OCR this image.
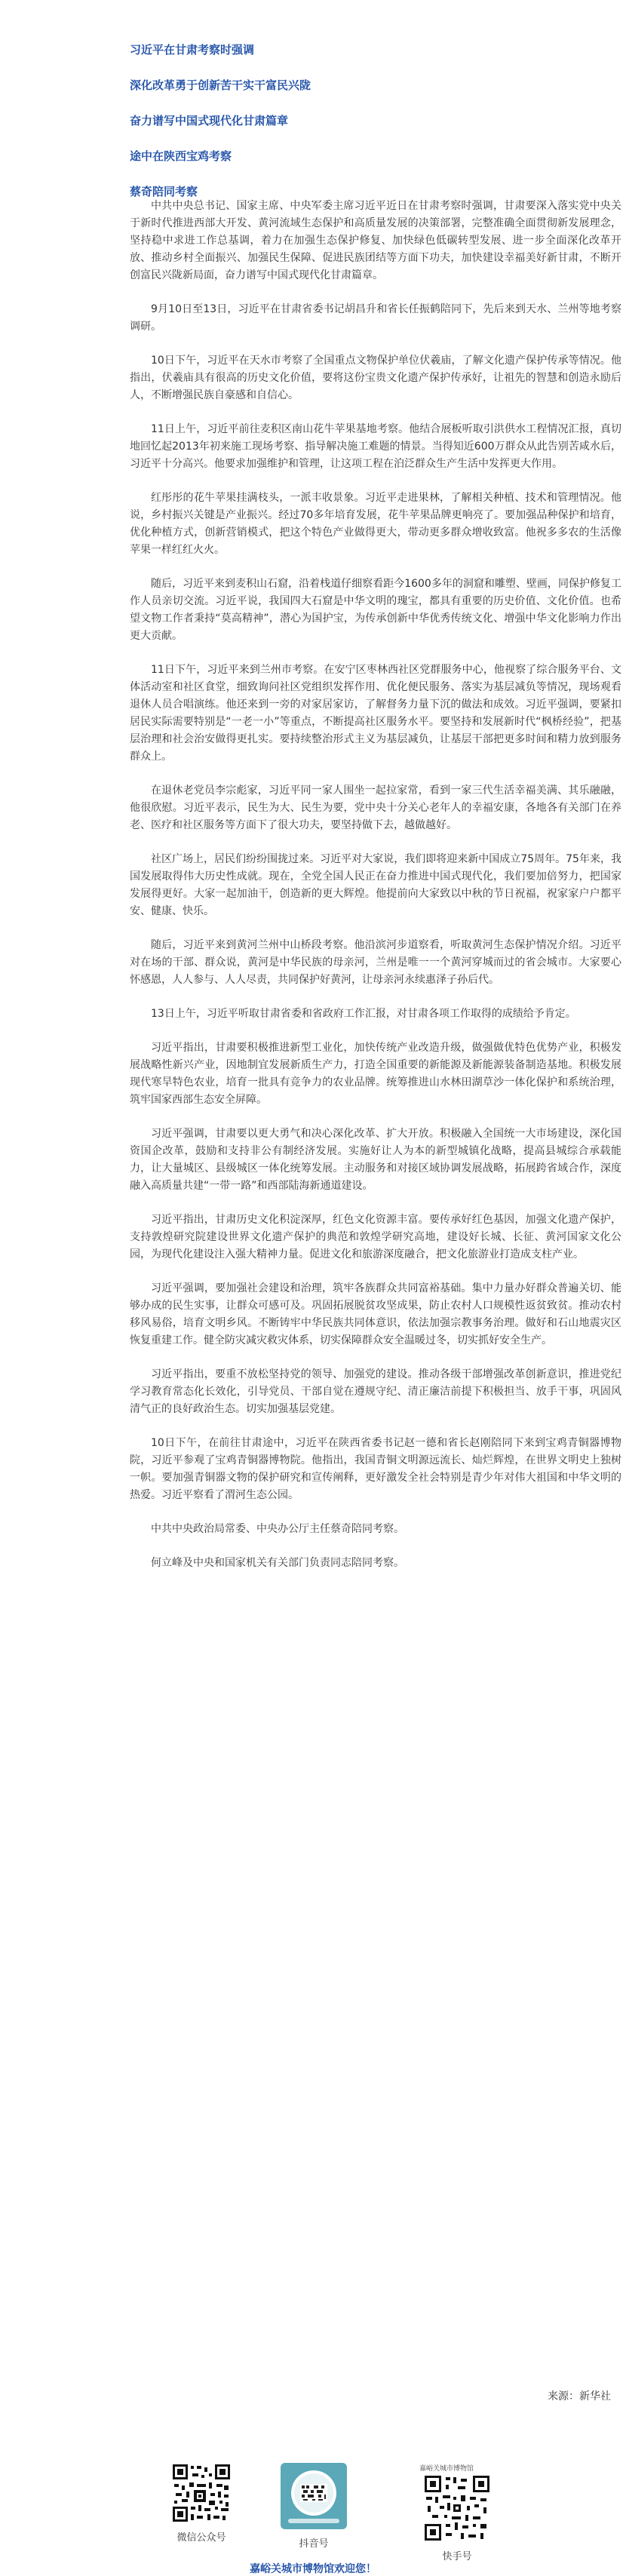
习近平在甘肃考察时强调
深化改革勇于创新苦干实干富民兴陇
奋力谱写中国式现代化甘肃篇章
途中在陕西宝鸡考察
蔡奇陪同考察

中共中央总书记、国家主席、中央军委主席习近平近日在甘肃考察时强调，甘肃要深入落实党中央关于新时代推进西部大开发、黄河流域生态保护和高质量发展的决策部署，完整准确全面贯彻新发展理念，坚持稳中求进工作总基调，着力在加强生态保护修复、加快绿色低碳转型发展、进一步全面深化改革开放、推动乡村全面振兴、加强民生保障、促进民族团结等方面下功夫，加快建设幸福美好新甘肃，不断开创富民兴陇新局面，奋力谱写中国式现代化甘肃篇章。

9月10日至13日，习近平在甘肃省委书记胡昌升和省长任振鹤陪同下，先后来到天水、兰州等地考察调研。

10日下午，习近平在天水市考察了全国重点文物保护单位伏羲庙，了解文化遗产保护传承等情况。他指出，伏羲庙具有很高的历史文化价值，要将这份宝贵文化遗产保护传承好，让祖先的智慧和创造永励后人，不断增强民族自豪感和自信心。

11日上午，习近平前往麦积区南山花牛苹果基地考察。他结合展板听取引洪供水工程情况汇报，真切地回忆起2013年初来施工现场考察、指导解决施工难题的情景。当得知近600万群众从此告别苦咸水后，习近平十分高兴。他要求加强维护和管理，让这项工程在泊泛群众生产生活中发挥更大作用。

红彤彤的花牛苹果挂满枝头，一派丰收景象。习近平走进果林，了解相关种植、技术和管理情况。他说，乡村振兴关键是产业振兴。经过70多年培育发展，花牛苹果品牌更响亮了。要加强品种保护和培育，优化种植方式，创新营销模式，把这个特色产业做得更大，带动更多群众增收致富。他祝多多农的生活像苹果一样红红火火。

随后，习近平来到麦积山石窟，沿着栈道仔细察看距今1600多年的洞窟和雕塑、壁画，同保护修复工作人员亲切交流。习近平说，我国四大石窟是中华文明的瑰宝，都具有重要的历史价值、文化价值。也希望文物工作者秉持“莫高精神”，潜心为国护宝，为传承创新中华优秀传统文化、增强中华文化影响力作出更大贡献。

11日下午，习近平来到兰州市考察。在安宁区枣林西社区党群服务中心，他视察了综合服务平台、文体活动室和社区食堂，细致询问社区党组织发挥作用、优化便民服务、落实为基层减负等情况，现场观看退休人员合唱演练。他还来到一旁的对家居家访，了解督务力量下沉的做法和成效。习近平强调，要紧扣居民实际需要特别是“一老一小”等重点，不断提高社区服务水平。要坚持和发展新时代“枫桥经验”，把基层治理和社会治安做得更扎实。要持续整治形式主义为基层减负，让基层干部把更多时间和精力放到服务群众上。

在退休老党员李宗彪家，习近平同一家人围坐一起拉家常，看到一家三代生活幸福美满、其乐融融，他很欣慰。习近平表示，民生为大、民生为要，党中央十分关心老年人的幸福安康，各地各有关部门在养老、医疗和社区服务等方面下了很大功夫，要坚持做下去，越做越好。

社区广场上，居民们纷纷围拢过来。习近平对大家说，我们即将迎来新中国成立75周年。75年来，我国发展取得伟大历史性成就。现在，全党全国人民正在奋力推进中国式现代化，我们要加倍努力，把国家发展得更好。大家一起加油干，创造新的更大辉煌。他提前向大家致以中秋的节日祝福，祝家家户户都平安、健康、快乐。

随后，习近平来到黄河兰州中山桥段考察。他沿滨河步道察看，听取黄河生态保护情况介绍。习近平对在场的干部、群众说，黄河是中华民族的母亲河，兰州是唯一一个黄河穿城而过的省会城市。大家要心怀感恩，人人参与、人人尽责，共同保护好黄河，让母亲河永续惠泽子孙后代。

13日上午，习近平听取甘肃省委和省政府工作汇报，对甘肃各项工作取得的成绩给予肯定。

习近平指出，甘肃要积极推进新型工业化，加快传统产业改造升级，做强做优特色优势产业，积极发展战略性新兴产业，因地制宜发展新质生产力，打造全国重要的新能源及新能源装备制造基地。积极发展现代寒旱特色农业，培育一批具有竞争力的农业品牌。统筹推进山水林田湖草沙一体化保护和系统治理，筑牢国家西部生态安全屏障。

习近平强调，甘肃要以更大勇气和决心深化改革、扩大开放。积极融入全国统一大市场建设，深化国资国企改革，鼓励和支持非公有制经济发展。实施好让人为本的新型城镇化战略，提高县城综合承载能力，让大量城区、县级城区一体化统筹发展。主动服务和对接区域协调发展战略，拓展跨省域合作，深度融入高质量共建“一带一路”和西部陆海新通道建设。

习近平指出，甘肃历史文化积淀深厚，红色文化资源丰富。要传承好红色基因，加强文化遗产保护，支持敦煌研究院建设世界文化遗产保护的典范和敦煌学研究高地，建设好长城、长征、黄河国家文化公园，为现代化建设注入强大精神力量。促进文化和旅游深度融合，把文化旅游业打造成支柱产业。

习近平强调，要加强社会建设和治理，筑牢各族群众共同富裕基础。集中力量办好群众普遍关切、能够办成的民生实事，让群众可感可及。巩固拓展脱贫攻坚成果，防止农村人口规模性返贫致贫。推动农村移风易俗，培育文明乡风。不断铸牢中华民族共同体意识，依法加强宗教事务治理。做好和石山地震灾区恢复重建工作。健全防灾减灾救灾体系，切实保障群众安全温暖过冬，切实抓好安全生产。

习近平指出，要重不放松坚持党的领导、加强党的建设。推动各级干部增强改革创新意识，推进党纪学习教育常态化长效化，引导党员、干部自觉在遵规守纪、清正廉洁前提下积极担当、放手干事，巩固风清气正的良好政治生态。切实加强基层党建。

10日下午，在前往甘肃途中，习近平在陕西省委书记赵一德和省长赵刚陪同下来到宝鸡青铜器博物院，习近平参观了宝鸡青铜器博物院。他指出，我国青铜文明源远流长、灿烂辉煌，在世界文明史上独树一帜。要加强青铜器文物的保护研究和宣传阐释，更好激发全社会特别是青少年对伟大祖国和中华文明的热爱。习近平察看了渭河生态公园。

中共中央政治局常委、中央办公厅主任蔡奇陪同考察。

何立峰及中央和国家机关有关部门负责同志陪同考察。

来源：新华社
微信公众号
抖音号
嘉峪关城市博物馆
快手号
嘉峪关城市博物馆欢迎您！
